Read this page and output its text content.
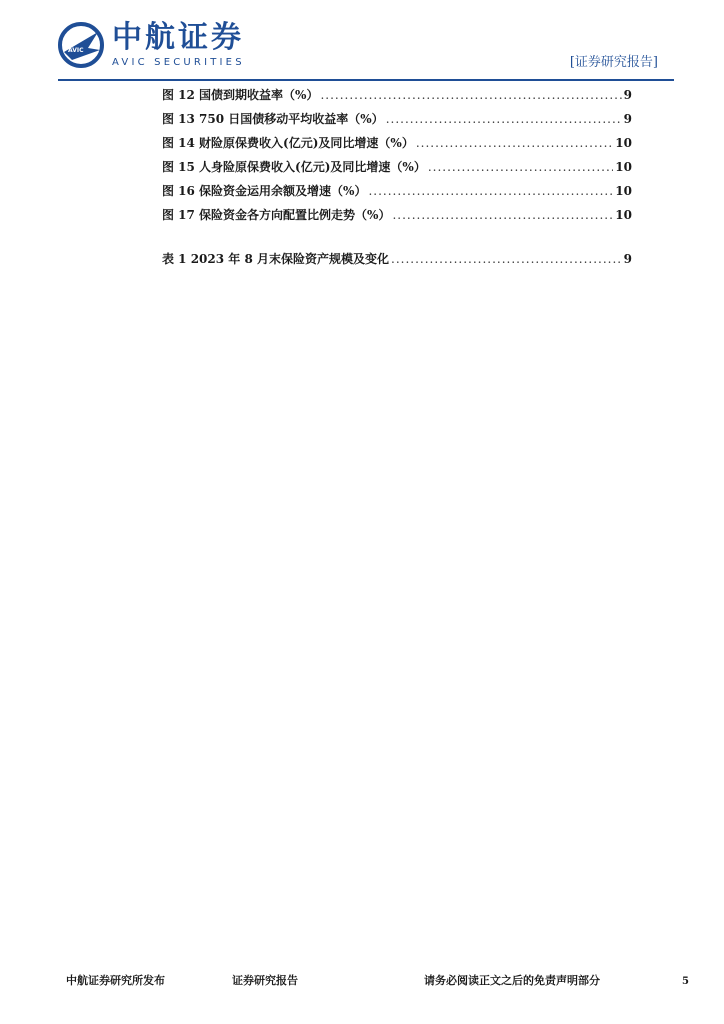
AVIC 中航证券
AVIC SECURITIES	[证券研究报告]
图 12 国债到期收益率（%） .....	9
图 13 750 日国债移动平均收益率（%） .....	9
图 14 财险原保费收入(亿元)及同比增速（%） .....	10
图 15 人身险原保费收入(亿元)及同比增速（%） .....	10
图 16 保险资金运用余额及增速（%） .....	10
图 17 保险资金各方向配置比例走势（%） .....	10
表 1 2023 年 8 月末保险资产规模及变化 .....	9
中航证券研究所发布	证券研究报告	请务必阅读正文之后的免责声明部分	5
